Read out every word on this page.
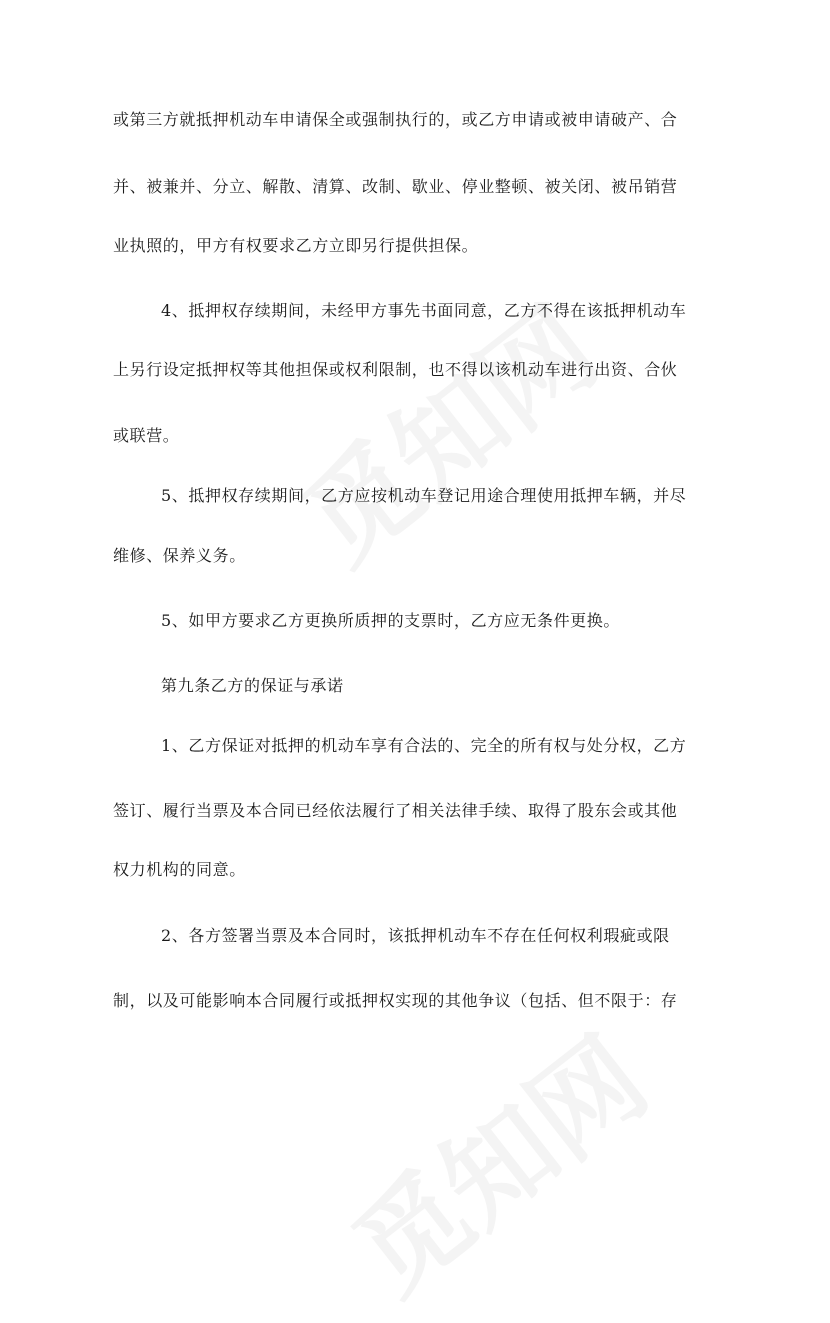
或第三方就抵押机动车申请保全或强制执行的，或乙方申请或被申请破产、合
并、被兼并、分立、解散、清算、改制、歇业、停业整顿、被关闭、被吊销营
业执照的，甲方有权要求乙方立即另行提供担保。
4、抵押权存续期间，未经甲方事先书面同意，乙方不得在该抵押机动车
上另行设定抵押权等其他担保或权利限制，也不得以该机动车进行出资、合伙
或联营。
5、抵押权存续期间，乙方应按机动车登记用途合理使用抵押车辆，并尽
维修、保养义务。
5、如甲方要求乙方更换所质押的支票时，乙方应无条件更换。
第九条乙方的保证与承诺
1、乙方保证对抵押的机动车享有合法的、完全的所有权与处分权，乙方
签订、履行当票及本合同已经依法履行了相关法律手续、取得了股东会或其他
权力机构的同意。
2、各方签署当票及本合同时，该抵押机动车不存在任何权利瑕疵或限
制，以及可能影响本合同履行或抵押权实现的其他争议（包括、但不限于：存
